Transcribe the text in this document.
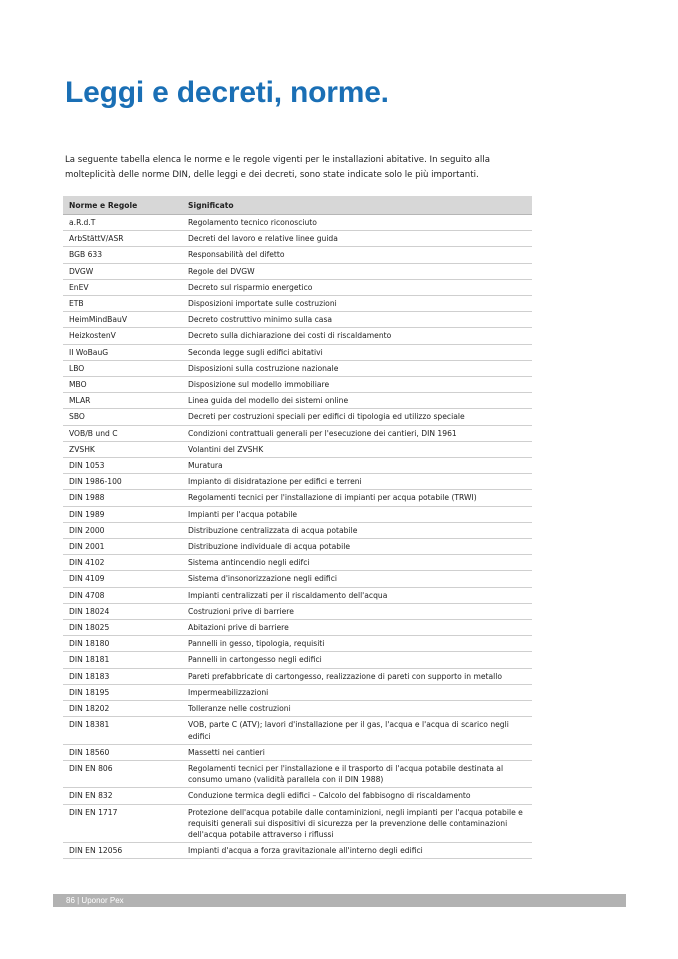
Leggi e decreti, norme.

La seguente tabella elenca le norme e le regole vigenti per le installazioni abitative. In seguito alla molteplicità delle norme DIN, delle leggi e dei decreti, sono state indicate solo le più importanti.

Norme e Regole	Significato
a.R.d.T	Regolamento tecnico riconosciuto
ArbStättV/ASR	Decreti del lavoro e relative linee guida
BGB 633	Responsabilità del difetto
DVGW	Regole del DVGW
EnEV	Decreto sul risparmio energetico
ETB	Disposizioni importate sulle costruzioni
HeimMindBauV	Decreto costruttivo minimo sulla casa
HeizkostenV	Decreto sulla dichiarazione dei costi di riscaldamento
II WoBauG	Seconda legge sugli edifici abitativi
LBO	Disposizioni sulla costruzione nazionale
MBO	Disposizione sul modello immobiliare
MLAR	Linea guida del modello dei sistemi online
SBO	Decreti per costruzioni speciali per edifici di tipologia ed utilizzo speciale
VOB/B und C	Condizioni contrattuali generali per l'esecuzione dei cantieri, DIN 1961
ZVSHK	Volantini del ZVSHK
DIN 1053	Muratura
DIN 1986-100	Impianto di disidratazione per edifici e terreni
DIN 1988	Regolamenti tecnici per l'installazione di impianti per acqua potabile (TRWI)
DIN 1989	Impianti per l'acqua potabile
DIN 2000	Distribuzione centralizzata di acqua potabile
DIN 2001	Distribuzione individuale di acqua potabile
DIN 4102	Sistema antincendio negli edifci
DIN 4109	Sistema d'insonorizzazione negli edifici
DIN 4708	Impianti centralizzati per il riscaldamento dell'acqua
DIN 18024	Costruzioni prive di barriere
DIN 18025	Abitazioni prive di barriere
DIN 18180	Pannelli in gesso, tipologia, requisiti
DIN 18181	Pannelli in cartongesso negli edifici
DIN 18183	Pareti prefabbricate di cartongesso, realizzazione di pareti con supporto in metallo
DIN 18195	Impermeabilizzazioni
DIN 18202	Tolleranze nelle costruzioni
DIN 18381	VOB, parte C (ATV); lavori d'installazione per il gas, l'acqua e l'acqua di scarico negli edifici
DIN 18560	Massetti nei cantieri
DIN EN 806	Regolamenti tecnici per l'installazione e il trasporto di l'acqua potabile destinata al consumo umano (validità parallela con il DIN 1988)
DIN EN 832	Conduzione termica degli edifici – Calcolo del fabbisogno di riscaldamento
DIN EN 1717	Protezione dell'acqua potabile dalle contaminizioni, negli impianti per l'acqua potabile e requisiti generali sui dispositivi di sicurezza per la prevenzione delle contaminazioni dell'acqua potabile attraverso i riflussi
DIN EN 12056	Impianti d'acqua a forza gravitazionale all'interno degli edifici
86 | Uponor Pex
